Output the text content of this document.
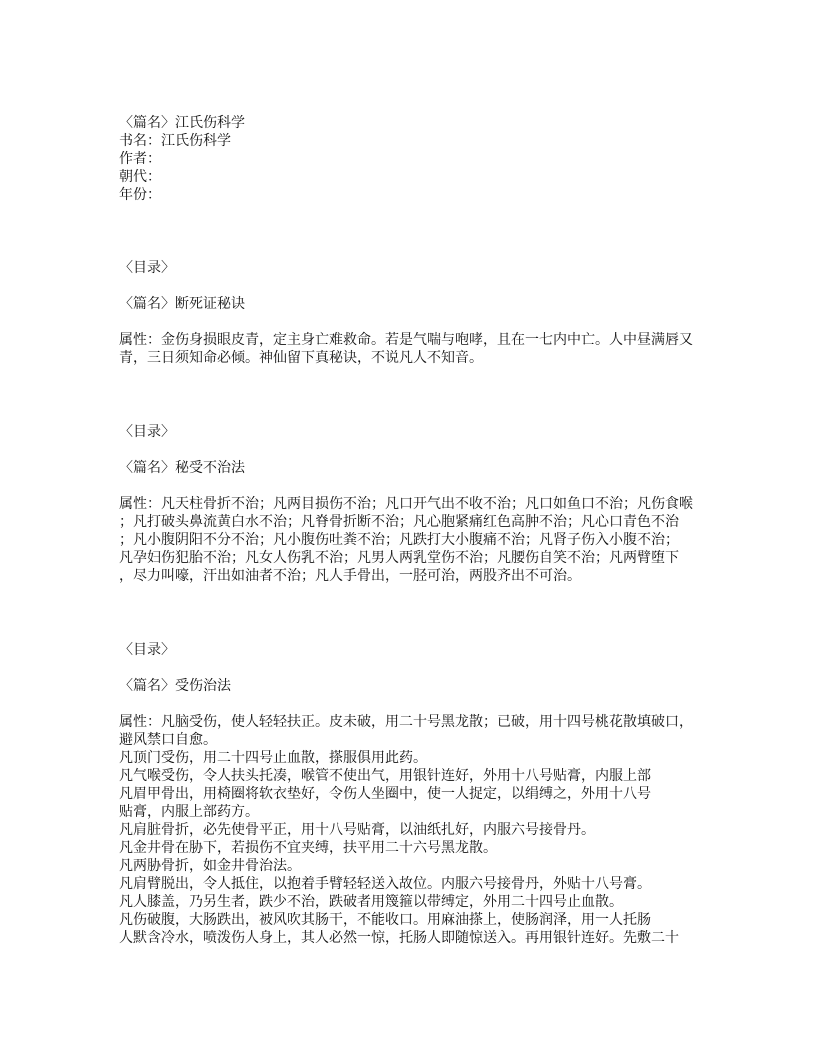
〈篇名〉江氏伤科学
书名：江氏伤科学
作者：
朝代：
年份：
〈目录〉
〈篇名〉断死证秘诀
属性：金伤身损眼皮青，定主身亡难救命。若是气喘与咆哮，且在一七内中亡。人中昼满唇又
青，三日须知命必倾。神仙留下真秘诀，不说凡人不知音。
〈目录〉
〈篇名〉秘受不治法
属性：凡天柱骨折不治；凡两目损伤不治；凡口开气出不收不治；凡口如鱼口不治；凡伤食喉
；凡打破头鼻流黄白水不治；凡脊骨折断不治；凡心胞紧痛红色高肿不治；凡心口青色不治
；凡小腹阴阳不分不治；凡小腹伤吐粪不治；凡跌打大小腹痛不治；凡肾子伤入小腹不治；
凡孕妇伤犯胎不治；凡女人伤乳不治；凡男人两乳堂伤不治；凡腰伤自笑不治；凡两臂堕下
，尽力叫嚎，汗出如油者不治；凡人手骨出，一胫可治，两股齐出不可治。
〈目录〉
〈篇名〉受伤治法
属性：凡脑受伤，使人轻轻扶正。皮未破，用二十号黑龙散；已破，用十四号桃花散填破口，
避风禁口自愈。
凡顶门受伤，用二十四号止血散，搽服俱用此药。
凡气喉受伤，令人扶头托凑，喉管不使出气，用银针连好，外用十八号贴膏，内服上部
凡眉甲骨出，用椅圈将软衣垫好，令伤人坐圈中，使一人捉定，以绢缚之，外用十八号
贴膏，内服上部药方。
凡肩脏骨折，必先使骨平正，用十八号贴膏，以油纸扎好，内服六号接骨丹。
凡金井骨在胁下，若损伤不宜夹缚，扶平用二十六号黑龙散。
凡两胁骨折，如金井骨治法。
凡肩臂脱出，令人抵住，以抱着手臂轻轻送入故位。内服六号接骨丹，外贴十八号膏。
凡人膝盖，乃另生者，跌少不治，跌破者用篾箍以带缚定，外用二十四号止血散。
凡伤破腹，大肠跌出，被风吹其肠干，不能收口。用麻油搽上，使肠润泽，用一人托肠
人默含冷水，喷泼伤人身上，其人必然一惊，托肠人即随惊送入。再用银针连好。先敷二十
